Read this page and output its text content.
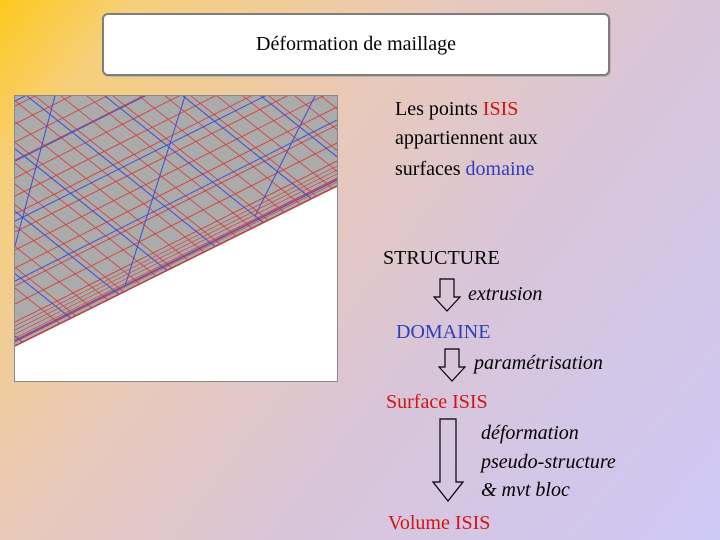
Déformation de maillage
Les points ISIS
appartiennent aux
surfaces domaine
STRUCTURE
extrusion
DOMAINE
paramétrisation
Surface ISIS
déformation
pseudo-structure
& mvt bloc
Volume ISIS
